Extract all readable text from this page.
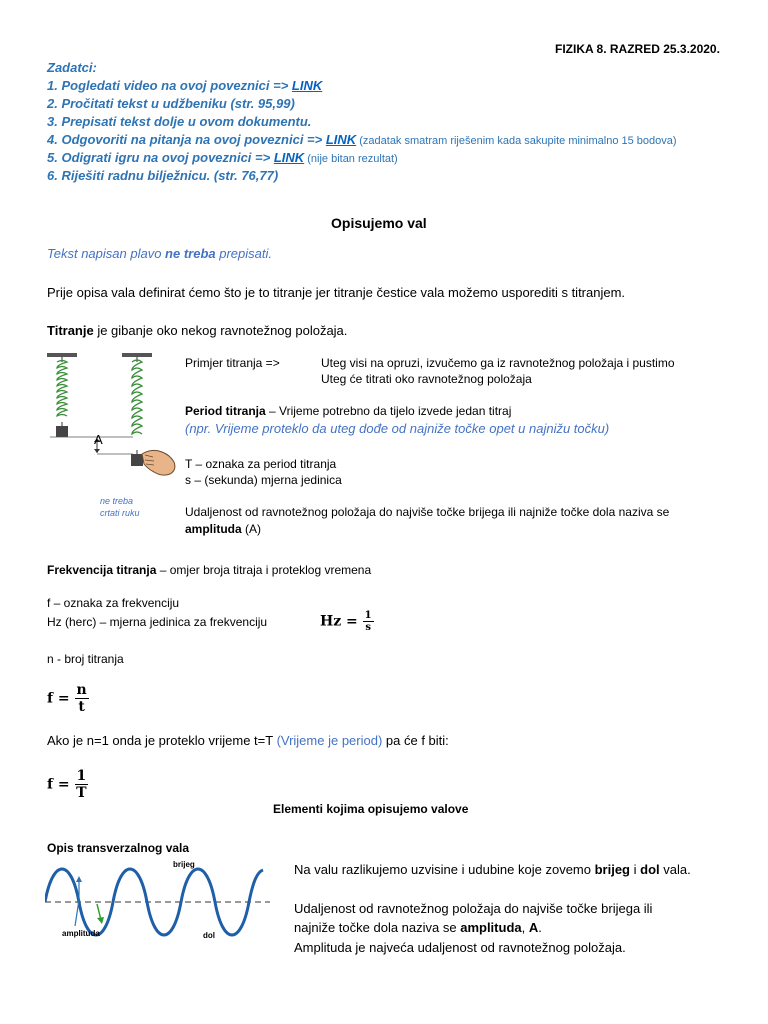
FIZIKA 8. RAZRED 25.3.2020.
Zadatci:
1. Pogledati video na ovoj poveznici => LINK
2. Pročitati tekst u udžbeniku (str. 95,99)
3. Prepisati tekst dolje u ovom dokumentu.
4. Odgovoriti na pitanja na ovoj poveznici => LINK (zadatak smatram riješenim kada sakupite minimalno 15 bodova)
5. Odigrati igru na ovoj poveznici => LINK (nije bitan rezultat)
6. Riješiti radnu bilježnicu. (str. 76,77)
Opisujemo val
Tekst napisan plavo ne treba prepisati.
Prije opisa vala definirat ćemo što je to titranje jer titranje čestice vala možemo usporediti s titranjem.
Titranje je gibanje oko nekog ravnotežnog položaja.
A
ne treba
crtati ruku
Primjer titranja =>	Uteg visi na opruzi, izvučemo ga iz ravnotežnog položaja i pustimo
Uteg će titrati oko ravnotežnog položaja
Period titranja – Vrijeme potrebno da tijelo izvede jedan titraj
(npr. Vrijeme proteklo da uteg dođe od najniže točke opet u najnižu točku)
T – oznaka za period titranja
s – (sekunda) mjerna jedinica
Udaljenost od ravnotežnog položaja do najviše točke brijega ili najniže točke dola naziva se
amplituda (A)
Frekvencija titranja – omjer broja titraja i proteklog vremena
f – oznaka za frekvenciju
Hz (herc) – mjerna jedinica za frekvenciju	$Hz = \frac{1}{s}$
n - broj titranja
$f = \frac{n}{t}$
Ako je n=1 onda je proteklo vrijeme t=T (Vrijeme je period) pa će f biti:
$f = \frac{1}{T}$
Elementi kojima opisujemo valove
Opis transverzalnog vala
brijeg
amplituda	dol
Na valu razlikujemo uzvisine i udubine koje zovemo brijeg i dol vala.
Udaljenost od ravnotežnog položaja do najviše točke brijega ili
najniže točke dola naziva se amplituda, A.
Amplituda je najveća udaljenost od ravnotežnog položaja.
